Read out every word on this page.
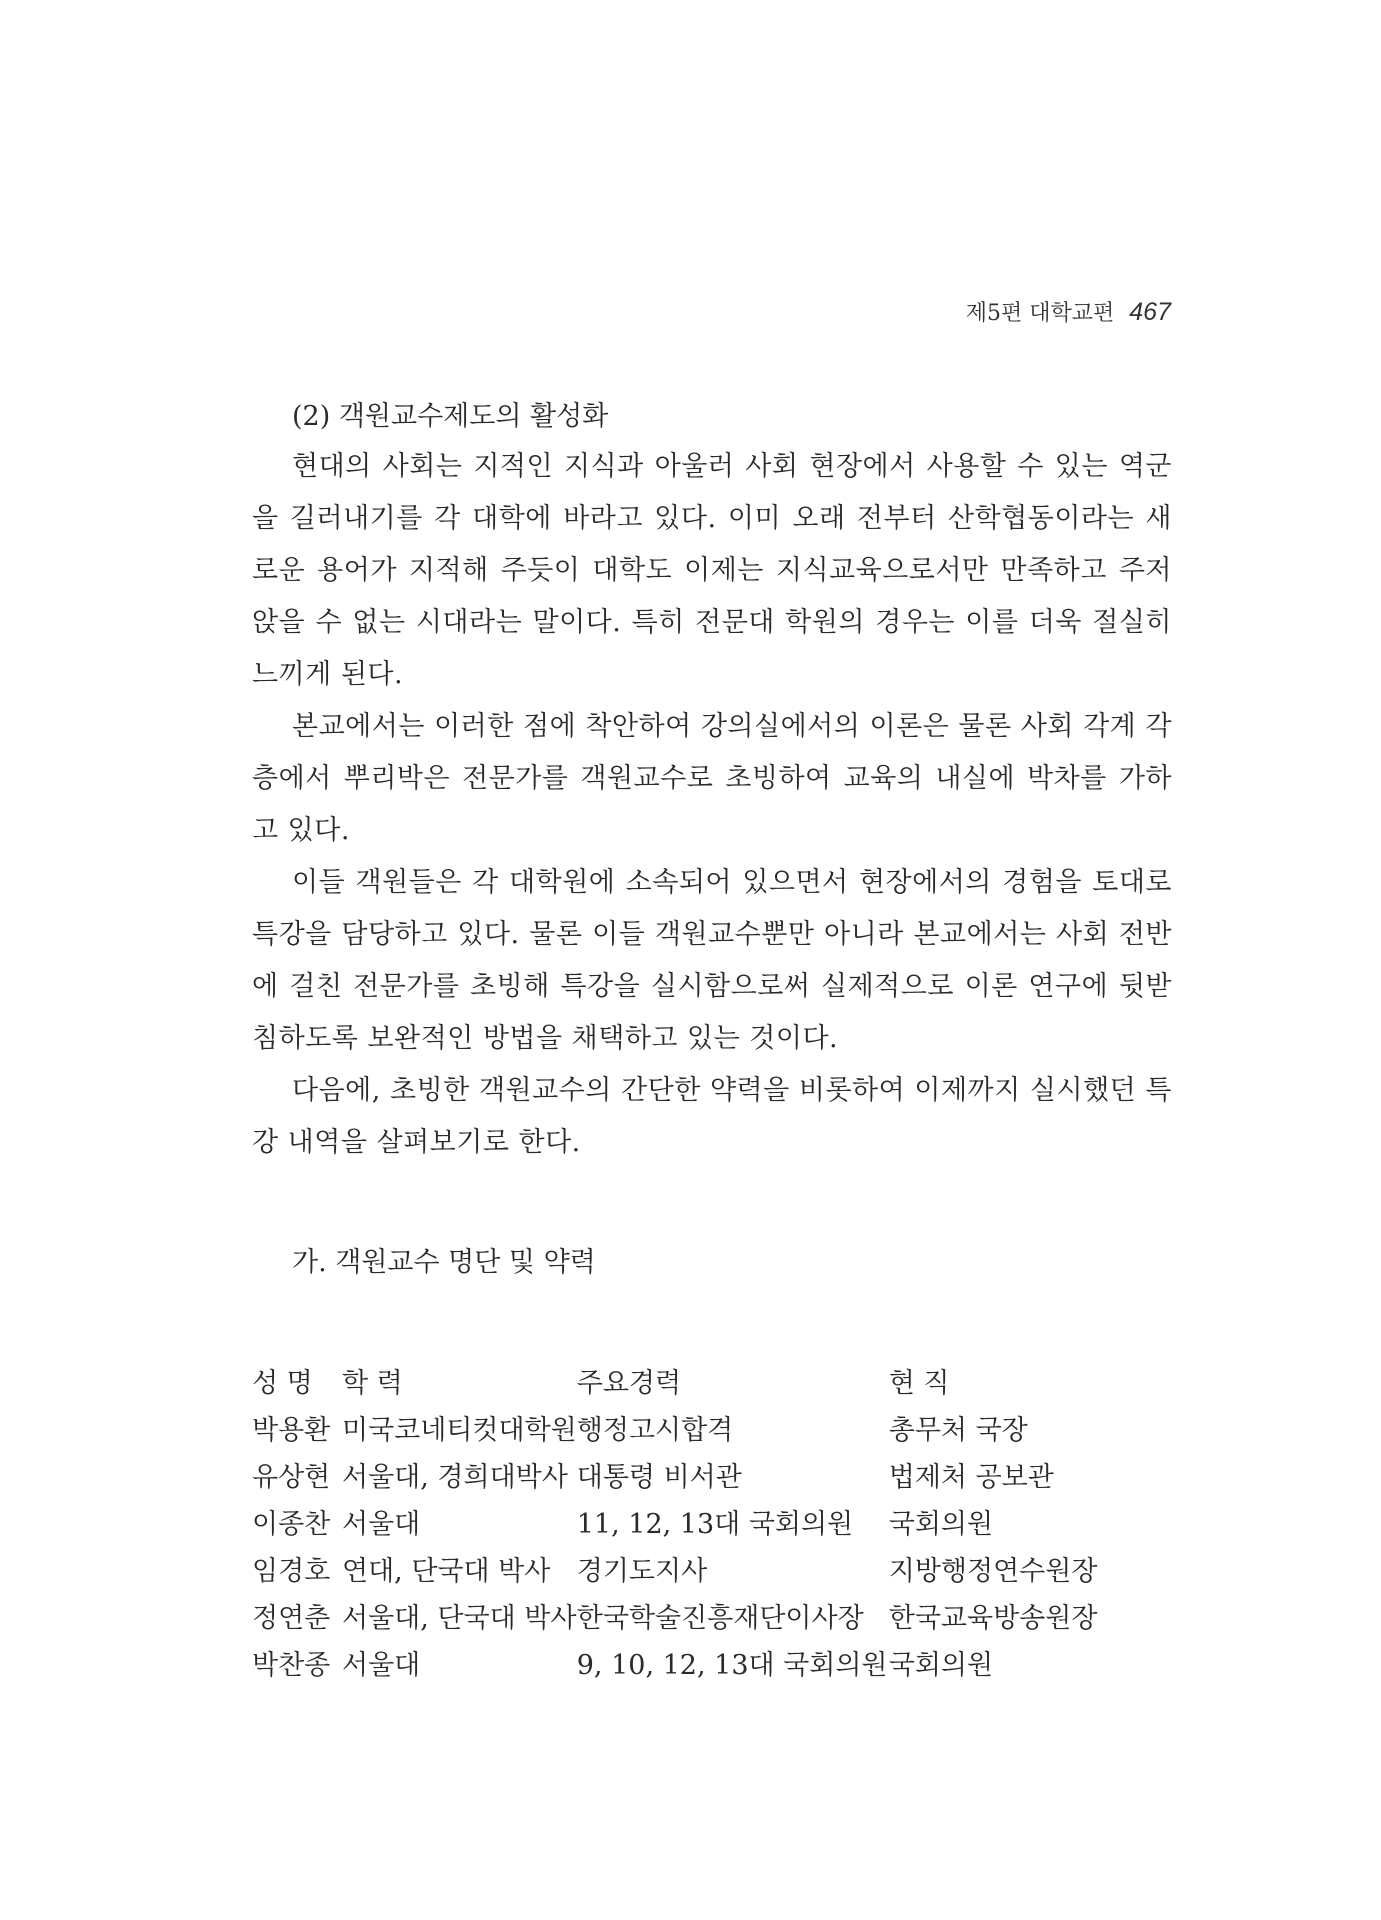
제5편 대학교편 467
(2) 객원교수제도의 활성화

현대의 사회는 지적인 지식과 아울러 사회 현장에서 사용할 수 있는 역군을 길러내기를 각 대학에 바라고 있다. 이미 오래 전부터 산학협동이라는 새로운 용어가 지적해 주듯이 대학도 이제는 지식교육으로서만 만족하고 주저앉을 수 없는 시대라는 말이다. 특히 전문대 학원의 경우는 이를 더욱 절실히 느끼게 된다.

본교에서는 이러한 점에 착안하여 강의실에서의 이론은 물론 사회 각계 각층에서 뿌리박은 전문가를 객원교수로 초빙하여 교육의 내실에 박차를 가하고 있다.

이들 객원들은 각 대학원에 소속되어 있으면서 현장에서의 경험을 토대로 특강을 담당하고 있다. 물론 이들 객원교수뿐만 아니라 본교에서는 사회 전반에 걸친 전문가를 초빙해 특강을 실시함으로써 실제적으로 이론 연구에 뒷받침하도록 보완적인 방법을 채택하고 있는 것이다.

다음에, 초빙한 객원교수의 간단한 약력을 비롯하여 이제까지 실시했던 특강 내역을 살펴보기로 한다.

가. 객원교수 명단 및 약력
성 명	학 력	주요경력	현 직
박용환	미국코네티컷대학원	행정고시합격	총무처 국장
유상현	서울대, 경희대박사	대통령 비서관	법제처 공보관
이종찬	서울대	11, 12, 13대 국회의원	국회의원
임경호	연대, 단국대 박사	경기도지사	지방행정연수원장
정연춘	서울대, 단국대 박사	한국학술진흥재단이사장	한국교육방송원장
박찬종	서울대	9, 10, 12, 13대 국회의원	국회의원
